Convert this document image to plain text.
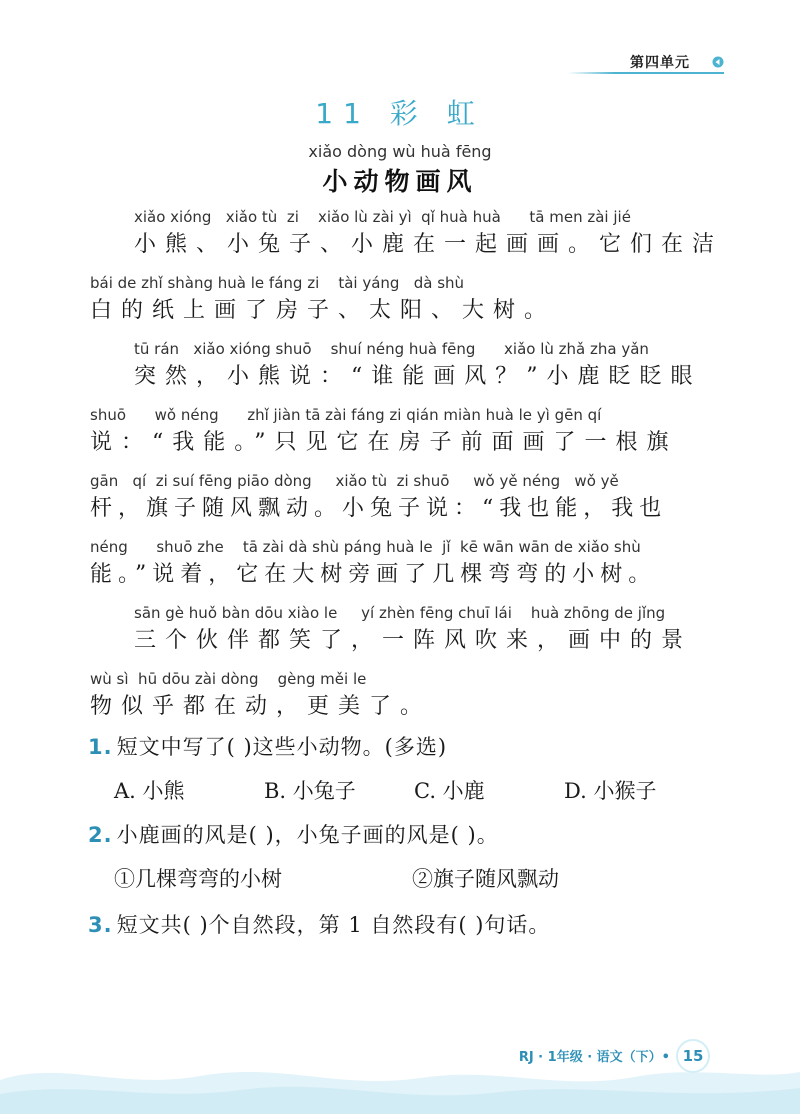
第四单元
11 彩 虹
xiǎo dòng wù huà fēng
小动物画风
xiǎo xióng   xiǎo tù  zi    xiǎo lù zài yì  qǐ huà huà      tā men zài jié
小熊、小兔子、小鹿在一起画画。它们在洁
bái de zhǐ shàng huà le fáng zi    tài yáng   dà shù
白的纸上画了房子、太阳、大树。
tū rán   xiǎo xióng shuō    shuí néng huà fēng      xiǎo lù zhǎ zha yǎn
突然，小熊说：“谁能画风？”小鹿眨眨眼
shuō      wǒ néng      zhǐ jiàn tā zài fáng zi qián miàn huà le yì gēn qí
说：“我能。”只见它在房子前面画了一根旗
gān   qí  zi suí fēng piāo dòng     xiǎo tù  zi shuō     wǒ yě néng   wǒ yě
杆，旗子随风飘动。小兔子说：“我也能，我也
néng      shuō zhe    tā zài dà shù páng huà le  jǐ  kē wān wān de xiǎo shù
能。”说着，它在大树旁画了几棵弯弯的小树。
sān gè huǒ bàn dōu xiào le     yí zhèn fēng chuī lái    huà zhōng de jǐng
三个伙伴都笑了，一阵风吹来，画中的景
wù sì  hū dōu zài dòng    gèng měi le
物似乎都在动，更美了。
1. 短文中写了( )这些小动物。(多选)
A. 小熊	B. 小兔子	C. 小鹿	D. 小猴子
2. 小鹿画的风是( )，小兔子画的风是( )。
①几棵弯弯的小树	②旗子随风飘动
3. 短文共( )个自然段，第 1 自然段有( )句话。
RJ · 1年级 · 语文（下）• 15
